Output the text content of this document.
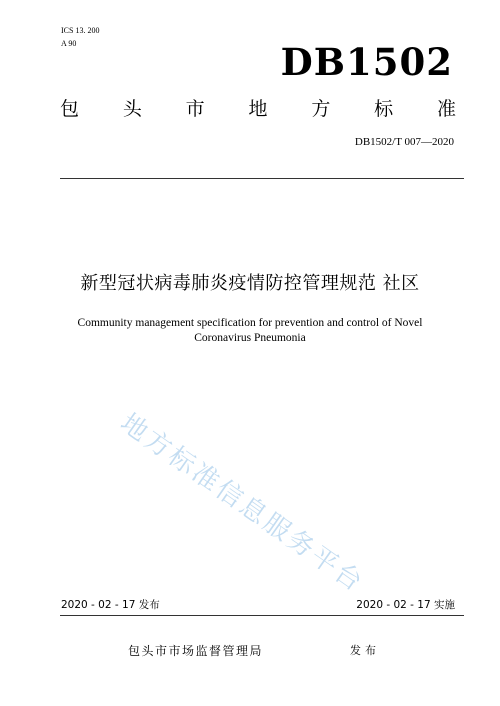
ICS 13. 200
A 90	DB1502
包 头 市 地 方 标 准
DB1502/T 007—2020
新型冠状病毒肺炎疫情防控管理规范 社区
Community management specification for prevention and control of Novel
Coronavirus Pneumonia
地方标准信息服务平台
2020 - 02 - 17 发布	2020 - 02 - 17 实施
包头市市场监督管理局	发布
